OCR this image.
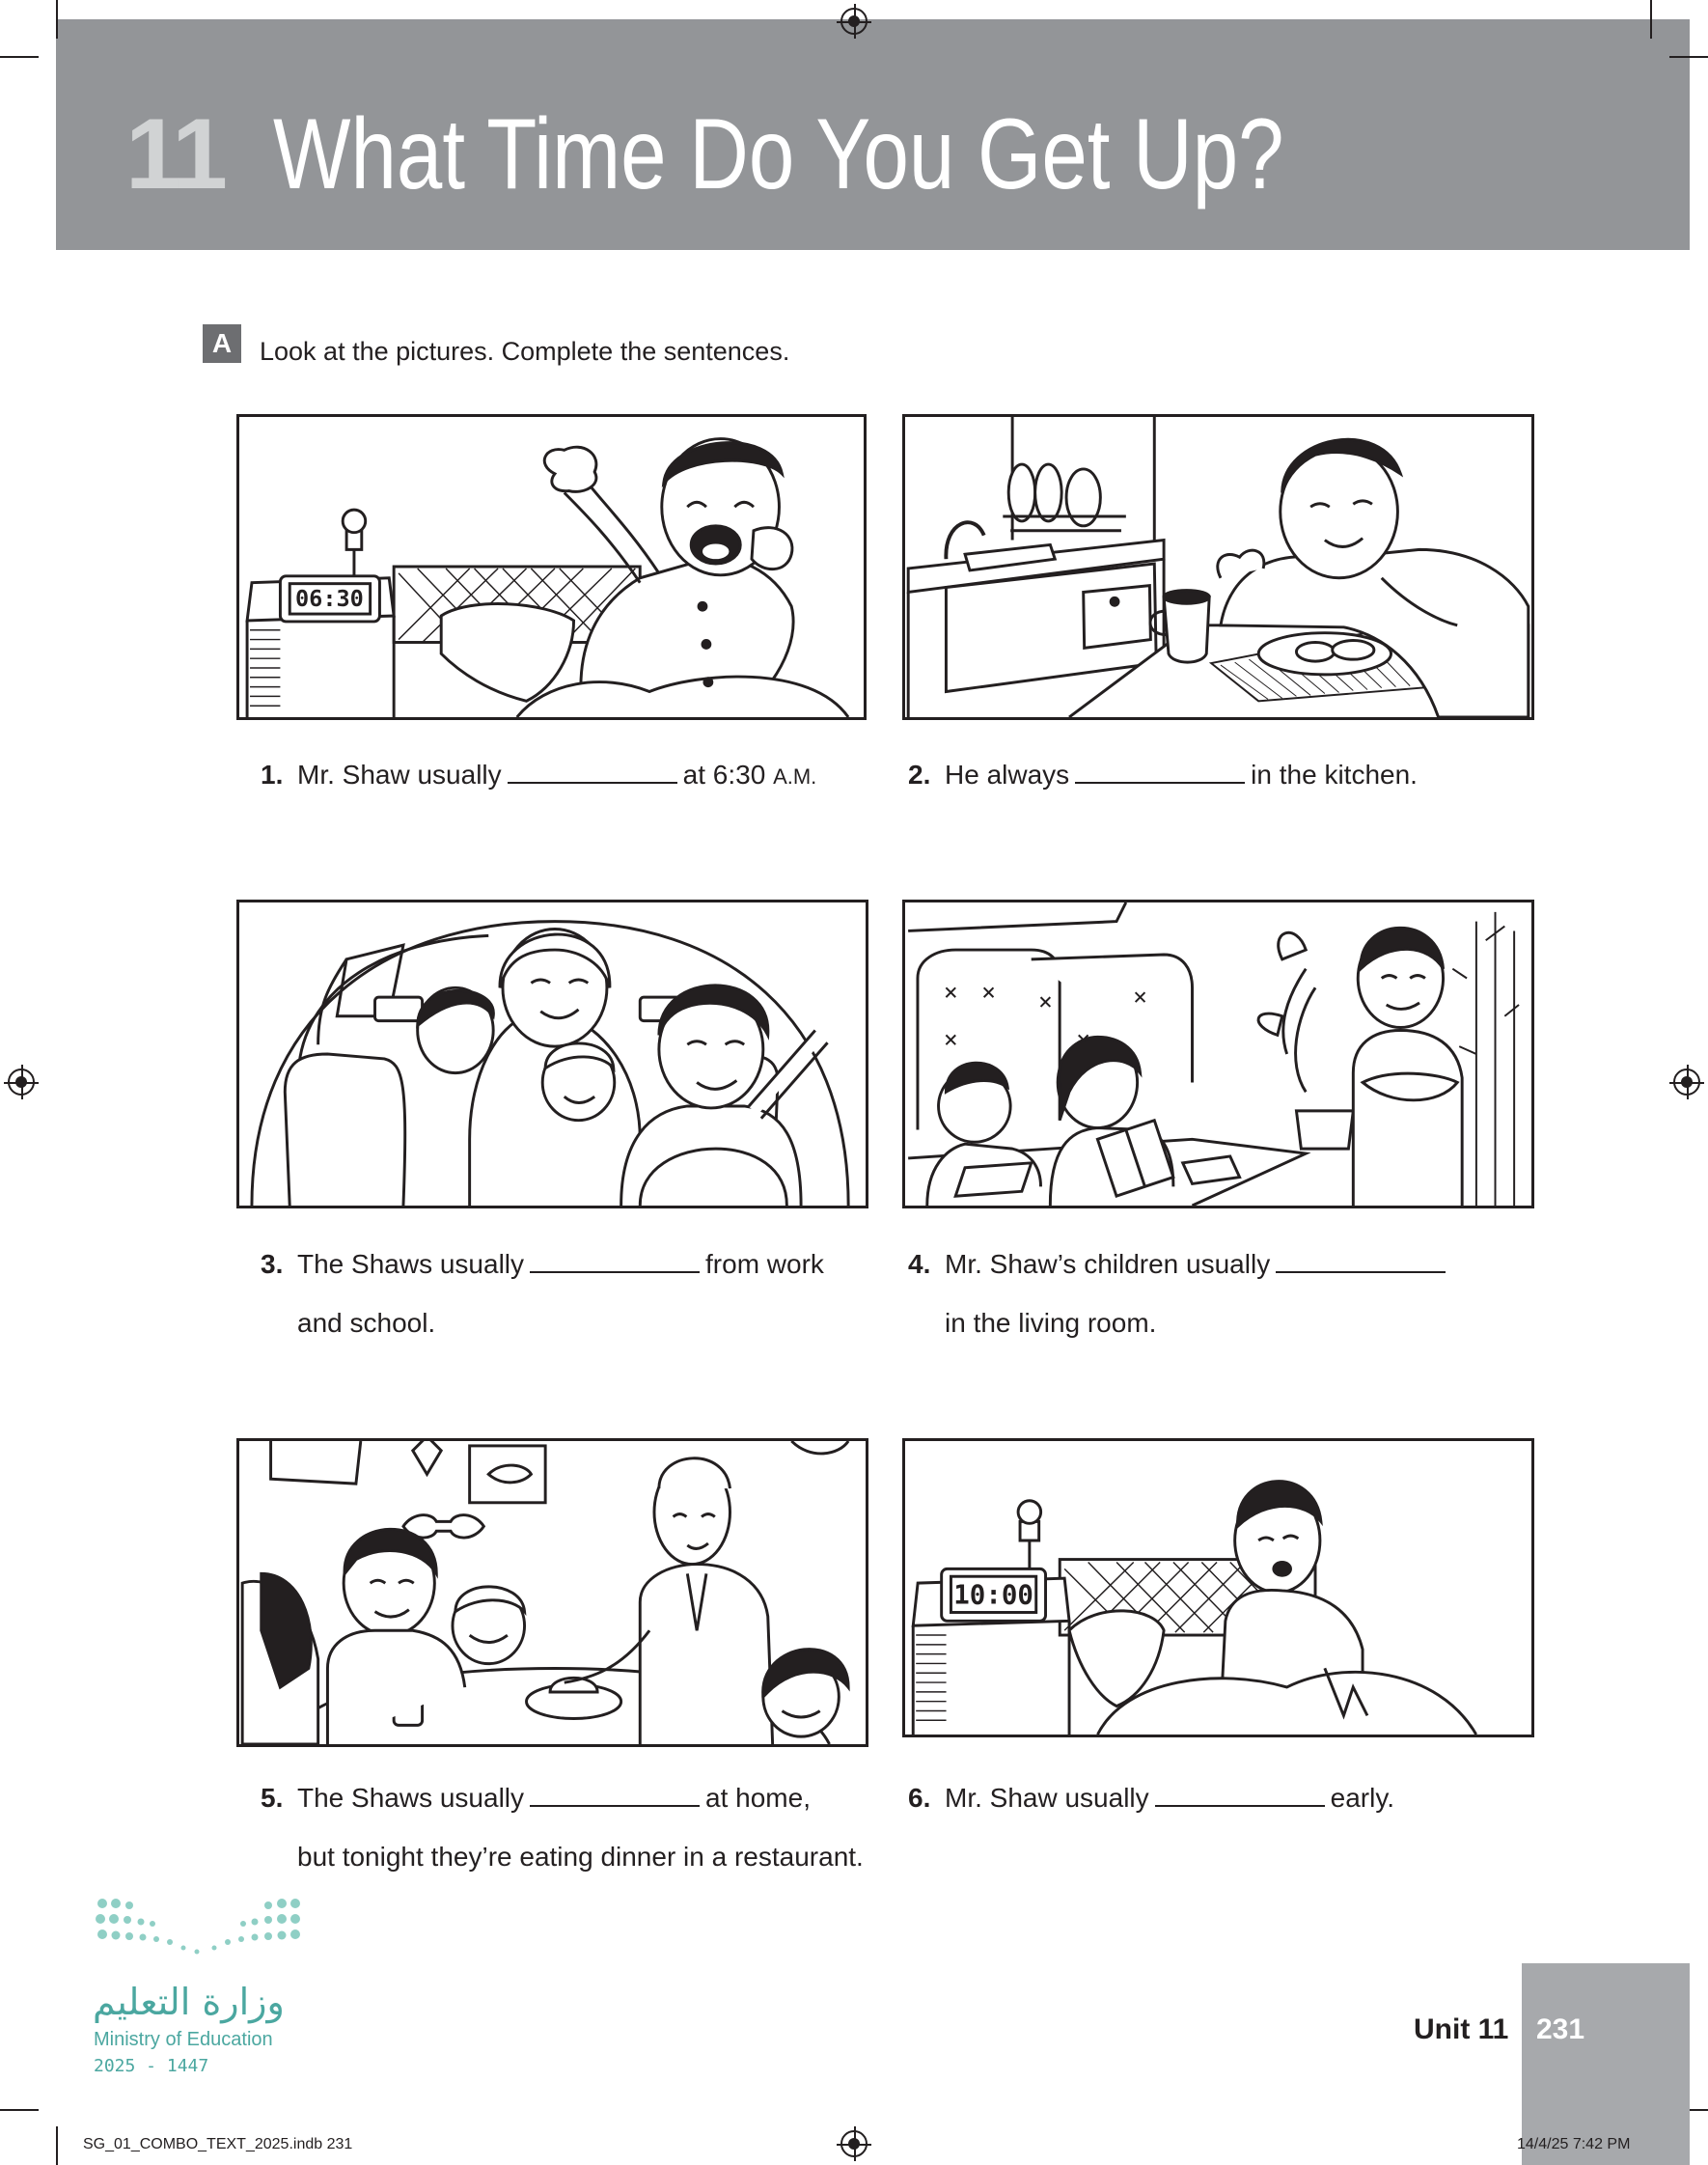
11 What Time Do You Get Up?
A	Look at the pictures. Complete the sentences.
06:30
10:00
1. Mr. Shaw usually	at 6:30 A.M.	2. He always	in the kitchen.
3. The Shaws usually	from work
and school.
4. Mr. Shaw’s children usually
in the living room.
5. The Shaws usually	at home,
but tonight they’re eating dinner in a restaurant.
6. Mr. Shaw usually	early.
وزارة التعليم
Ministry of Education
2025 - 1447
Unit 11 231
SG_01_COMBO_TEXT_2025.indb 231	14/4/25 7:42 PM
